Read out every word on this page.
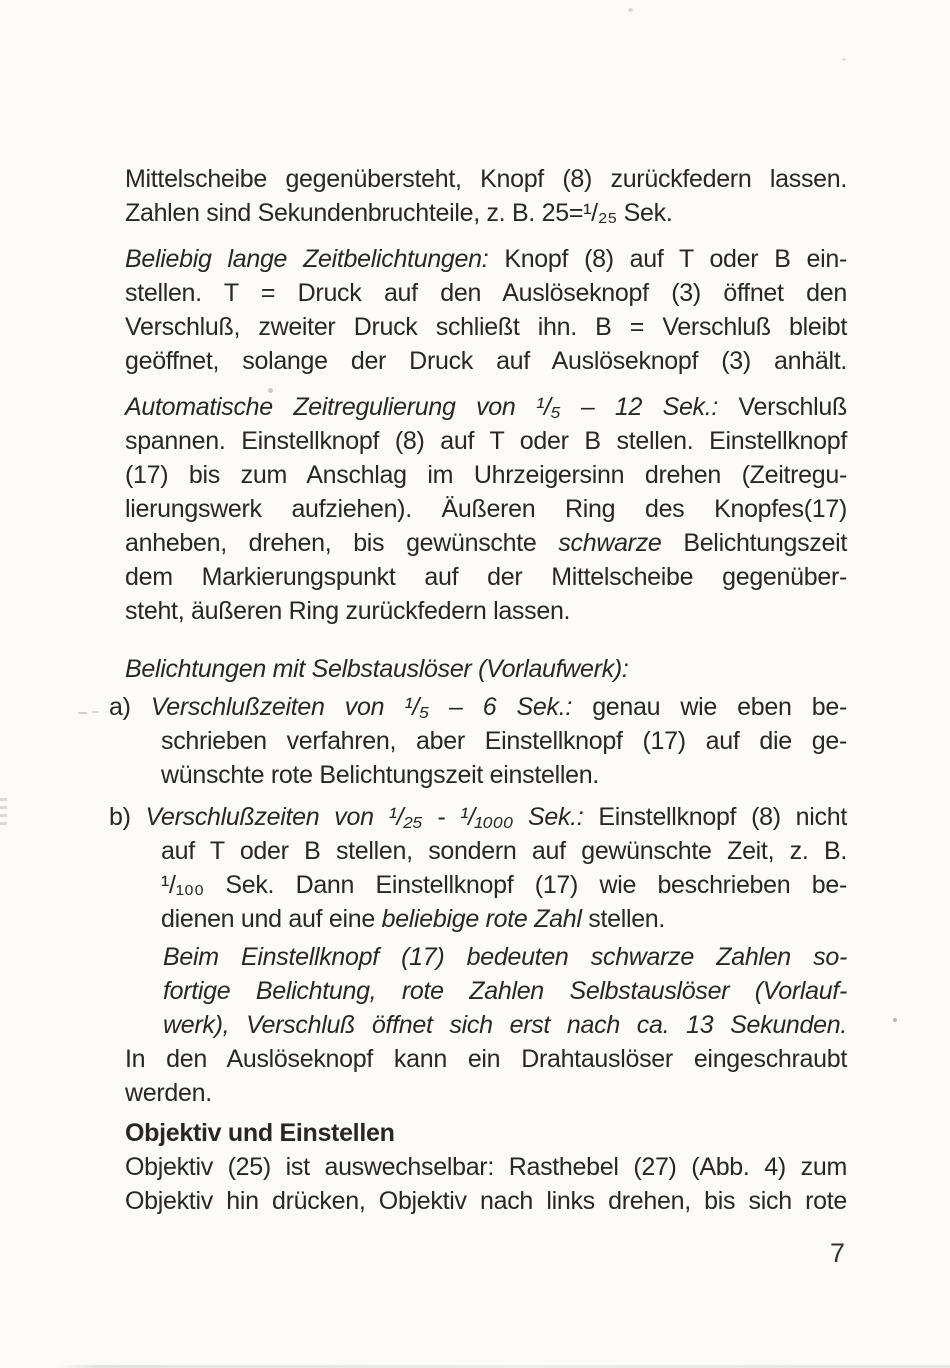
Mittelscheibe gegenübersteht, Knopf (8) zurückfedern lassen.
Zahlen sind Sekundenbruchteile, z. B. 25=¹/₂₅ Sek.
Beliebig lange Zeitbelichtungen: Knopf (8) auf T oder B ein-
stellen. T = Druck auf den Auslöseknopf (3) öffnet den
Verschluß, zweiter Druck schließt ihn. B = Verschluß bleibt
geöffnet, solange der Druck auf Auslöseknopf (3) anhält.
Automatische Zeitregulierung von ¹/₅ – 12 Sek.: Verschluß
spannen. Einstellknopf (8) auf T oder B stellen. Einstellknopf
(17) bis zum Anschlag im Uhrzeigersinn drehen (Zeitregu-
lierungswerk aufziehen). Äußeren Ring des Knopfes(17)
anheben, drehen, bis gewünschte schwarze Belichtungszeit
dem Markierungspunkt auf der Mittelscheibe gegenüber-
steht, äußeren Ring zurückfedern lassen.
Belichtungen mit Selbstauslöser (Vorlaufwerk):
a) Verschlußzeiten von ¹/₅ – 6 Sek.: genau wie eben be-
schrieben verfahren, aber Einstellknopf (17) auf die ge-
wünschte rote Belichtungszeit einstellen.
b) Verschlußzeiten von ¹/₂₅ - ¹/₁₀₀₀ Sek.: Einstellknopf (8) nicht
auf T oder B stellen, sondern auf gewünschte Zeit, z. B.
¹/₁₀₀ Sek. Dann Einstellknopf (17) wie beschrieben be-
dienen und auf eine beliebige rote Zahl stellen.
Beim Einstellknopf (17) bedeuten schwarze Zahlen so-
fortige Belichtung, rote Zahlen Selbstauslöser (Vorlauf-
werk), Verschluß öffnet sich erst nach ca. 13 Sekunden.
In den Auslöseknopf kann ein Drahtauslöser eingeschraubt
werden.
Objektiv und Einstellen
Objektiv (25) ist auswechselbar: Rasthebel (27) (Abb. 4) zum
Objektiv hin drücken, Objektiv nach links drehen, bis sich rote
7
